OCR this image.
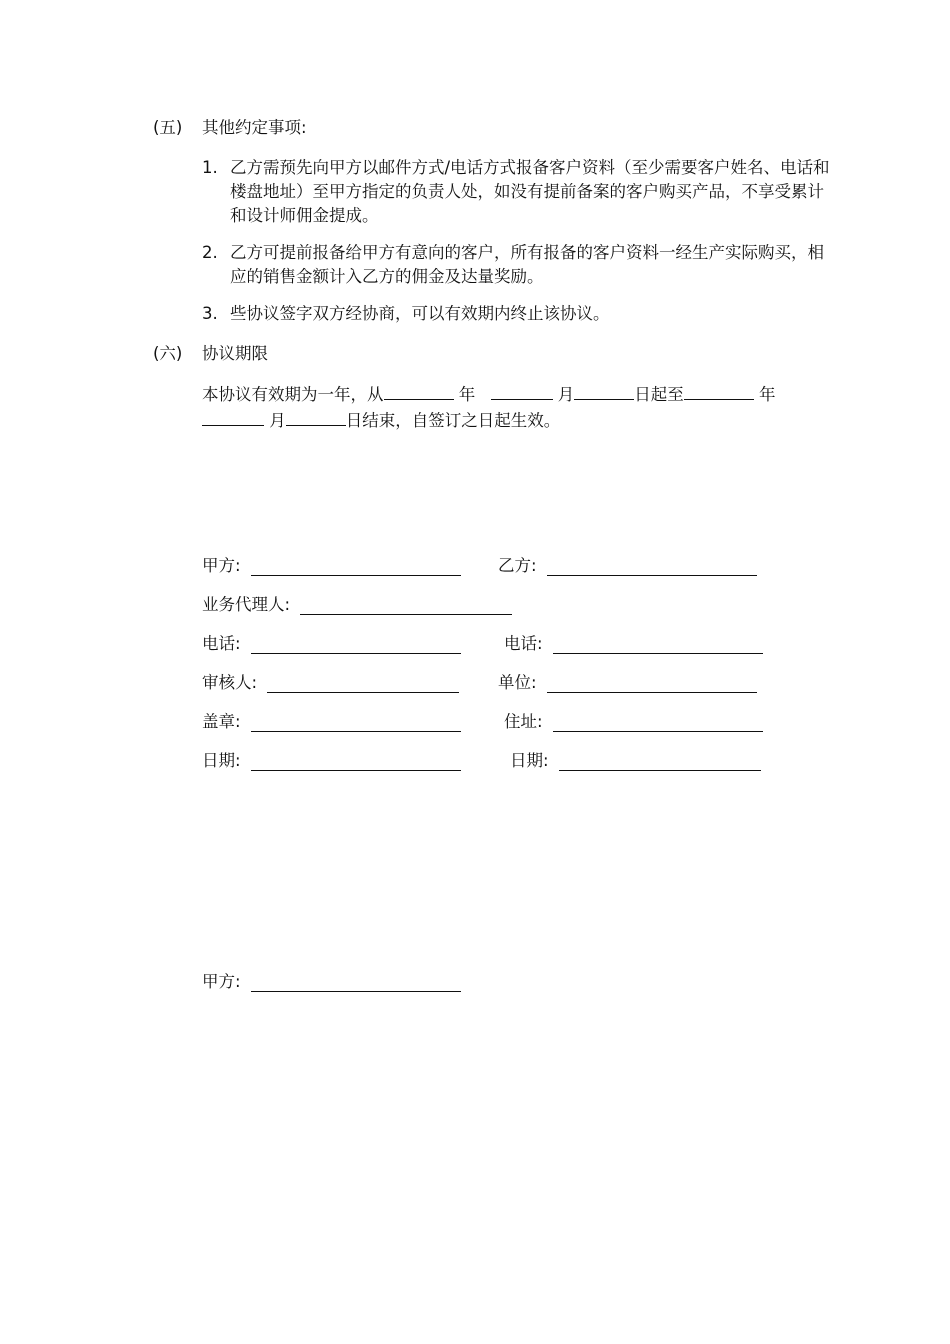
(五) 其他约定事项:
1. 乙方需预先向甲方以邮件方式/电话方式报备客户资料（至少需要客户姓名、电话和楼盘地址）至甲方指定的负责人处，如没有提前备案的客户购买产品，不享受累计和设计师佣金提成。
2. 乙方可提前报备给甲方有意向的客户，所有报备的客户资料一经生产实际购买，相应的销售金额计入乙方的佣金及达量奖励。
3. 些协议签字双方经协商，可以有效期内终止该协议。
(六) 协议期限
本协议有效期为一年，从	年	月	日起至	年
月	日结束，自签订之日起生效。
甲方:	乙方:
业务代理人:
电话:	电话:
审核人:	单位:
盖章:	住址:
日期:	日期:
甲方:
